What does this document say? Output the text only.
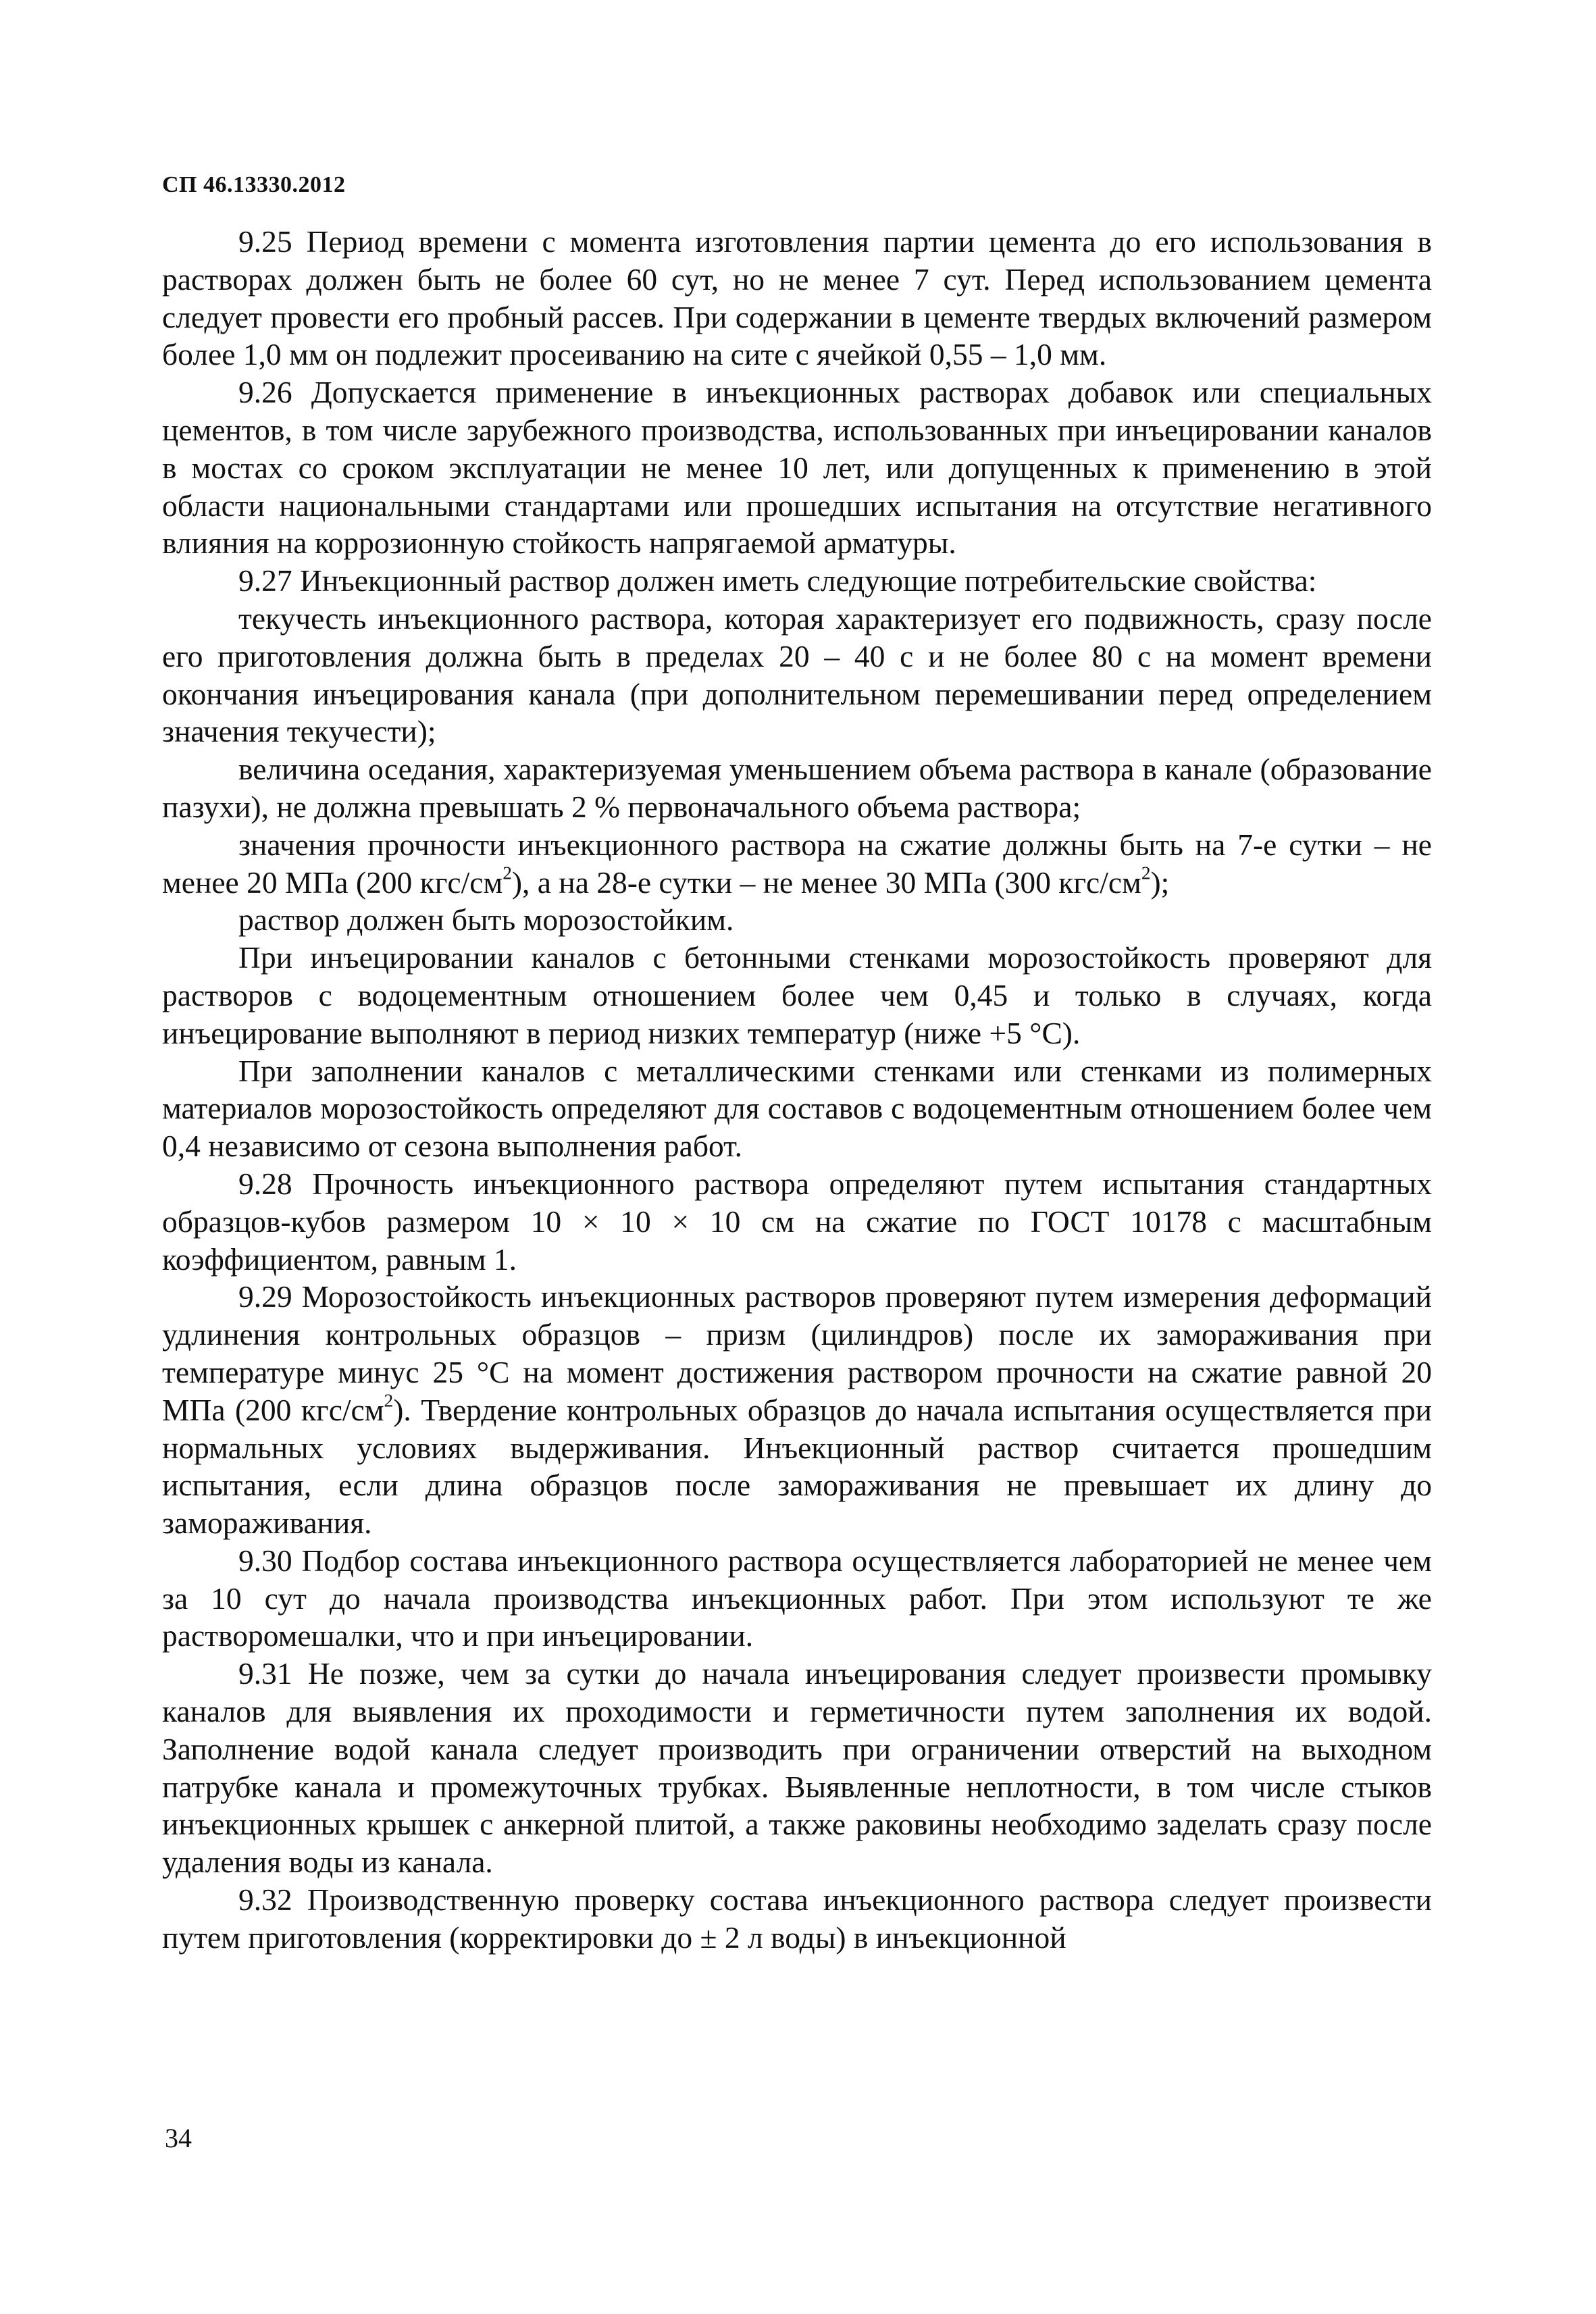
СП 46.13330.2012

9.25 Период времени с момента изготовления партии цемента до его использования в растворах должен быть не более 60 сут, но не менее 7 сут. Перед использованием цемента следует провести его пробный рассев. При содержании в цементе твердых включений размером более 1,0 мм он подлежит просеиванию на сите с ячейкой 0,55 – 1,0 мм.

9.26 Допускается применение в инъекционных растворах добавок или специальных цементов, в том числе зарубежного производства, использованных при инъецировании каналов в мостах со сроком эксплуатации не менее 10 лет, или допущенных к применению в этой области национальными стандартами или прошедших испытания на отсутствие негативного влияния на коррозионную стойкость напрягаемой арматуры.

9.27 Инъекционный раствор должен иметь следующие потребительские свойства:

текучесть инъекционного раствора, которая характеризует его подвижность, сразу после его приготовления должна быть в пределах 20 – 40 с и не более 80 с на момент времени окончания инъецирования канала (при дополнительном перемешивании перед определением значения текучести);

величина оседания, характеризуемая уменьшением объема раствора в канале (образование пазухи), не должна превышать 2 % первоначального объема раствора;

значения прочности инъекционного раствора на сжатие должны быть на 7-е сутки – не менее 20 МПа (200 кгс/$см^2$), а на 28-е сутки – не менее 30 МПа (300 кгс/$см^2$);

раствор должен быть морозостойким.

При инъецировании каналов с бетонными стенками морозостойкость проверяют для растворов с водоцементным отношением более чем 0,45 и только в случаях, когда инъецирование выполняют в период низких температур (ниже +5 °С).

При заполнении каналов с металлическими стенками или стенками из полимерных материалов морозостойкость определяют для составов с водоцементным отношением более чем 0,4 независимо от сезона выполнения работ.

9.28 Прочность инъекционного раствора определяют путем испытания стандартных образцов-кубов размером 10 × 10 × 10 см на сжатие по ГОСТ 10178 с масштабным коэффициентом, равным 1.

9.29 Морозостойкость инъекционных растворов проверяют путем измерения деформаций удлинения контрольных образцов – призм (цилиндров) после их замораживания при температуре минус 25 °С на момент достижения раствором прочности на сжатие равной 20 МПа (200 кгс/$см^2$). Твердение контрольных образцов до начала испытания осуществляется при нормальных условиях выдерживания. Инъекционный раствор считается прошедшим испытания, если длина образцов после замораживания не превышает их длину до замораживания.

9.30 Подбор состава инъекционного раствора осуществляется лабораторией не менее чем за 10 сут до начала производства инъекционных работ. При этом используют те же растворомешалки, что и при инъецировании.

9.31 Не позже, чем за сутки до начала инъецирования следует произвести промывку каналов для выявления их проходимости и герметичности путем заполнения их водой. Заполнение водой канала следует производить при ограничении отверстий на выходном патрубке канала и промежуточных трубках. Выявленные неплотности, в том числе стыков инъекционных крышек с анкерной плитой, а также раковины необходимо заделать сразу после удаления воды из канала.

9.32 Производственную проверку состава инъекционного раствора следует произвести путем приготовления (корректировки до ± 2 л воды) в инъекционной

34
